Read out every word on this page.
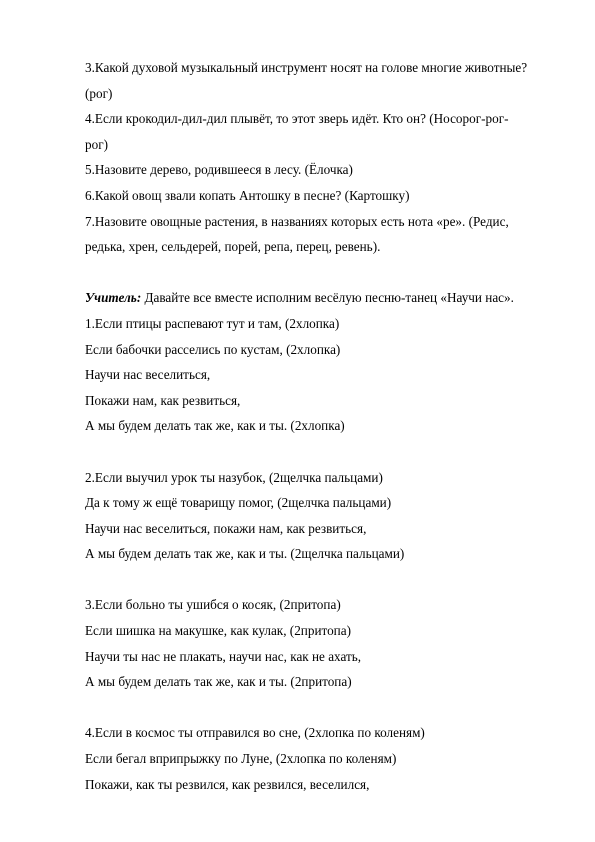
3.Какой духовой музыкальный инструмент носят на голове многие животные?
(рог)
4.Если крокодил-дил-дил плывёт, то этот зверь идёт. Кто он? (Носорог-рог-
рог)
5.Назовите дерево, родившееся в лесу. (Ёлочка)
6.Какой овощ звали копать Антошку в песне? (Картошку)
7.Назовите овощные растения, в названиях которых есть нота «ре». (Редис,
редька, хрен, сельдерей, порей, репа, перец, ревень).
Учитель: Давайте все вместе исполним весёлую песню-танец «Научи нас».
1.Если птицы распевают тут и там, (2хлопка)
Если бабочки расселись по кустам, (2хлопка)
Научи нас веселиться,
Покажи нам, как резвиться,
А мы будем делать так же, как и ты. (2хлопка)
2.Если выучил урок ты назубок, (2щелчка пальцами)
Да к тому ж ещё товарищу помог, (2щелчка пальцами)
Научи нас веселиться, покажи нам, как резвиться,
А мы будем делать так же, как и ты. (2щелчка пальцами)
3.Если больно ты ушибся о косяк, (2притопа)
Если шишка на макушке, как кулак, (2притопа)
Научи ты нас не плакать, научи нас, как не ахать,
А мы будем делать так же, как и ты. (2притопа)
4.Если в космос ты отправился во сне, (2хлопка по коленям)
Если бегал вприпрыжку по Луне, (2хлопка по коленям)
Покажи, как ты резвился, как резвился, веселился,
